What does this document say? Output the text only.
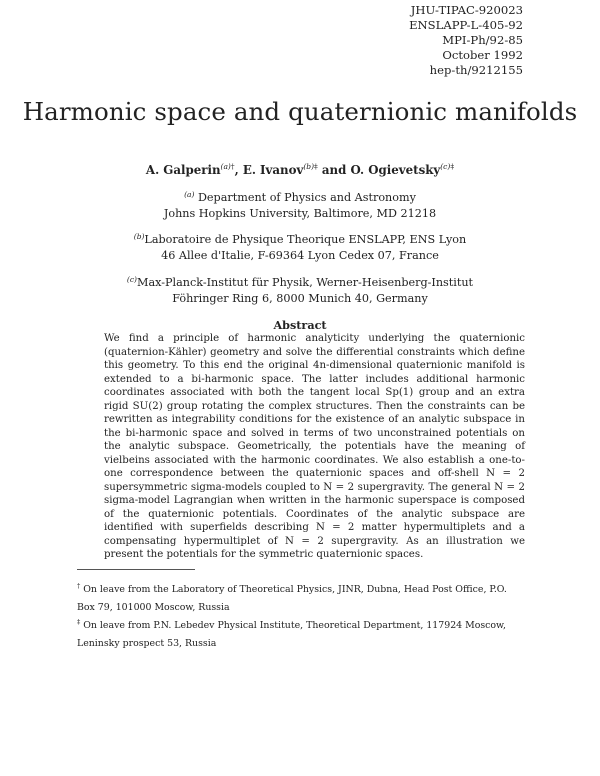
JHU-TIPAC-920023
ENSLAPP-L-405-92
MPI-Ph/92-85
October 1992
hep-th/9212155
Harmonic space and quaternionic manifolds
A. Galperin$^{(a)\dagger}$, E. Ivanov$^{(b)\ddagger}$ and O. Ogievetsky$^{(c)\ddagger}$
$^{(a)}$ Department of Physics and Astronomy
Johns Hopkins University, Baltimore, MD 21218
$^{(b)}$Laboratoire de Physique Theorique ENSLAPP, ENS Lyon
46 Allee d'Italie, F-69364 Lyon Cedex 07, France
$^{(c)}$Max-Planck-Institut für Physik, Werner-Heisenberg-Institut
Föhringer Ring 6, 8000 Munich 40, Germany
Abstract
We find a principle of harmonic analyticity underlying the quaternionic (quaternion-Kähler) geometry and solve the differential constraints which define this geometry. To this end the original 4n-dimensional quaternionic manifold is extended to a bi-harmonic space. The latter includes additional harmonic coordinates associated with both the tangent local Sp(1) group and an extra rigid SU(2) group rotating the complex structures. Then the constraints can be rewritten as integrability conditions for the existence of an analytic subspace in the bi-harmonic space and solved in terms of two unconstrained potentials on the analytic subspace. Geometrically, the potentials have the meaning of vielbeins associated with the harmonic coordinates. We also establish a one-to-one correspondence between the quaternionic spaces and off-shell N = 2 supersymmetric sigma-models coupled to N = 2 supergravity. The general N = 2 sigma-model Lagrangian when written in the harmonic superspace is composed of the quaternionic potentials. Coordinates of the analytic subspace are identified with superfields describing N = 2 matter hypermultiplets and a compensating hypermultiplet of N = 2 supergravity. As an illustration we present the potentials for the symmetric quaternionic spaces.
† On leave from the Laboratory of Theoretical Physics, JINR, Dubna, Head Post Office, P.O. Box 79, 101000 Moscow, Russia
‡ On leave from P.N. Lebedev Physical Institute, Theoretical Department, 117924 Moscow, Leninsky prospect 53, Russia
